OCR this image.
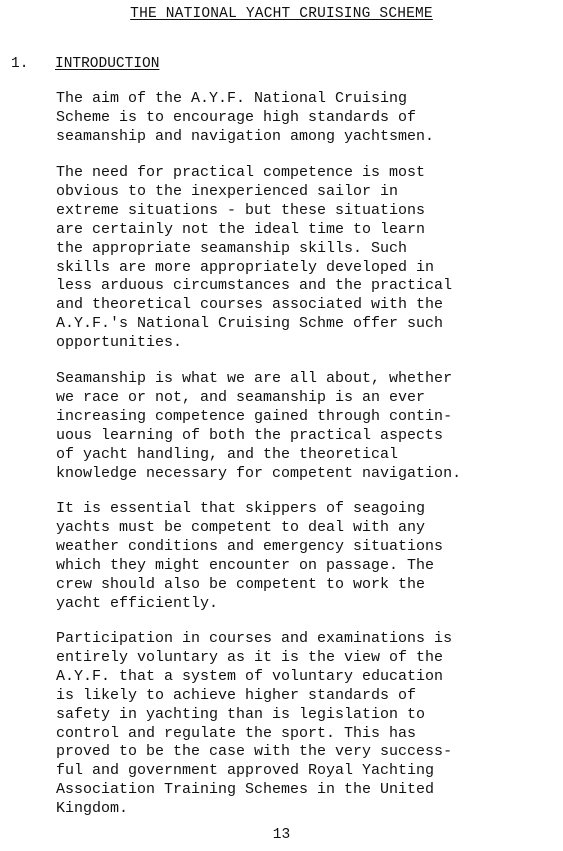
THE NATIONAL YACHT CRUISING SCHEME
1. INTRODUCTION
The aim of the A.Y.F. National Cruising
Scheme is to encourage high standards of
seamanship and navigation among yachtsmen.
The need for practical competence is most
obvious to the inexperienced sailor in
extreme situations - but these situations
are certainly not the ideal time to learn
the appropriate seamanship skills. Such
skills are more appropriately developed in
less arduous circumstances and the practical
and theoretical courses associated with the
A.Y.F.'s National Cruising Schme offer such
opportunities.
Seamanship is what we are all about, whether
we race or not, and seamanship is an ever
increasing competence gained through contin-
uous learning of both the practical aspects
of yacht handling, and the theoretical
knowledge necessary for competent navigation.
It is essential that skippers of seagoing
yachts must be competent to deal with any
weather conditions and emergency situations
which they might encounter on passage. The
crew should also be competent to work the
yacht efficiently.
Participation in courses and examinations is
entirely voluntary as it is the view of the
A.Y.F. that a system of voluntary education
is likely to achieve higher standards of
safety in yachting than is legislation to
control and regulate the sport. This has
proved to be the case with the very success-
ful and government approved Royal Yachting
Association Training Schemes in the United
Kingdom.
13
